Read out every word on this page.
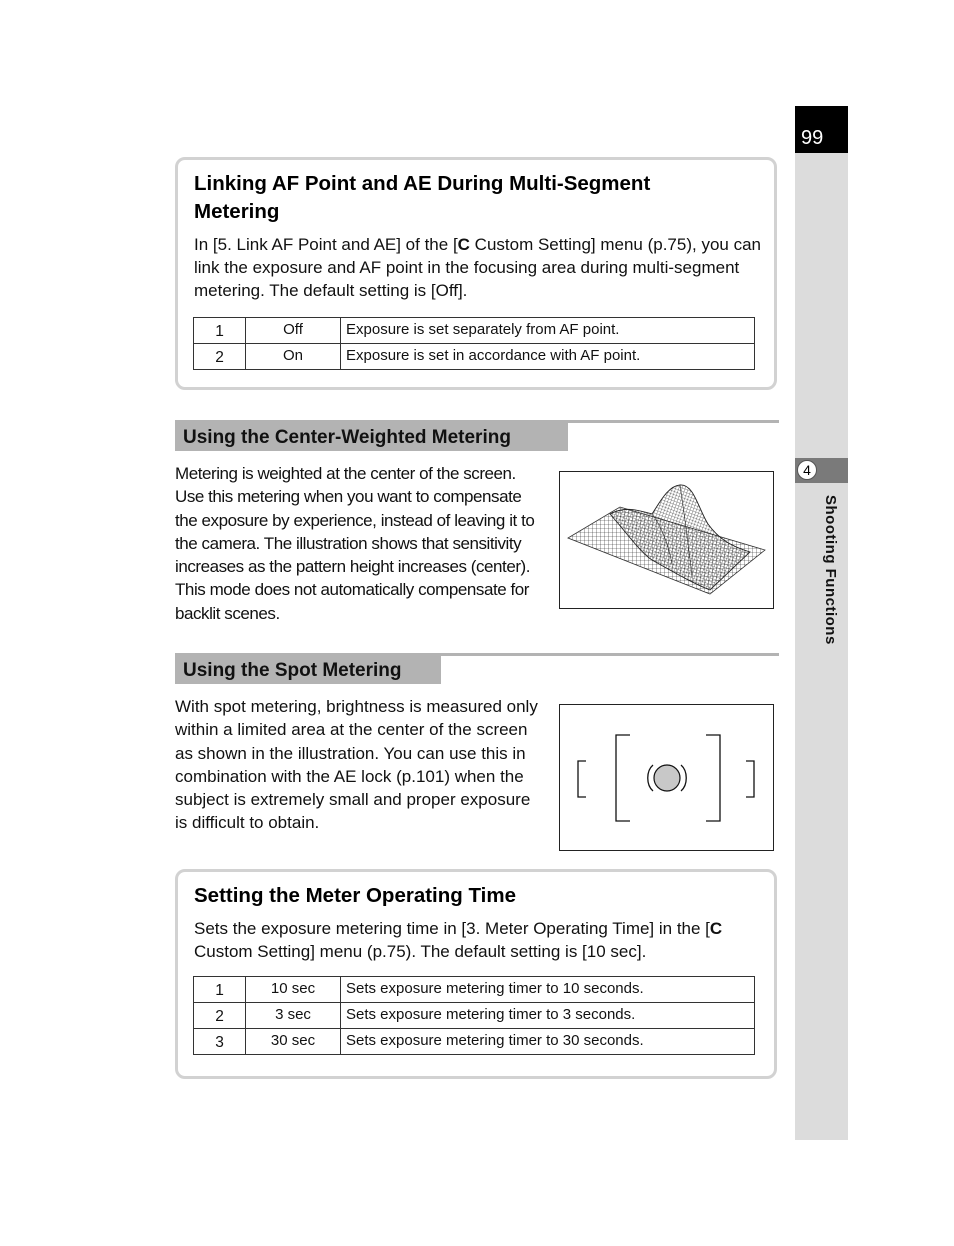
99
4
Shooting Functions
Linking AF Point and AE During Multi-Segment Metering
In [5. Link AF Point and AE] of the [C Custom Setting] menu (p.75), you can link the exposure and AF point in the focusing area during multi-segment metering. The default setting is [Off].
1	Off	Exposure is set separately from AF point.
2	On	Exposure is set in accordance with AF point.
Using the Center-Weighted Metering
Metering is weighted at the center of the screen. Use this metering when you want to compensate the exposure by experience, instead of leaving it to the camera. The illustration shows that sensitivity increases as the pattern height increases (center). This mode does not automatically compensate for backlit scenes.
Using the Spot Metering
With spot metering, brightness is measured only within a limited area at the center of the screen as shown in the illustration. You can use this in combination with the AE lock (p.101) when the subject is extremely small and proper exposure is difficult to obtain.
Setting the Meter Operating Time
Sets the exposure metering time in [3. Meter Operating Time] in the [C Custom Setting] menu (p.75). The default setting is [10 sec].
1	10 sec	Sets exposure metering timer to 10 seconds.
2	3 sec	Sets exposure metering timer to 3 seconds.
3	30 sec	Sets exposure metering timer to 30 seconds.
